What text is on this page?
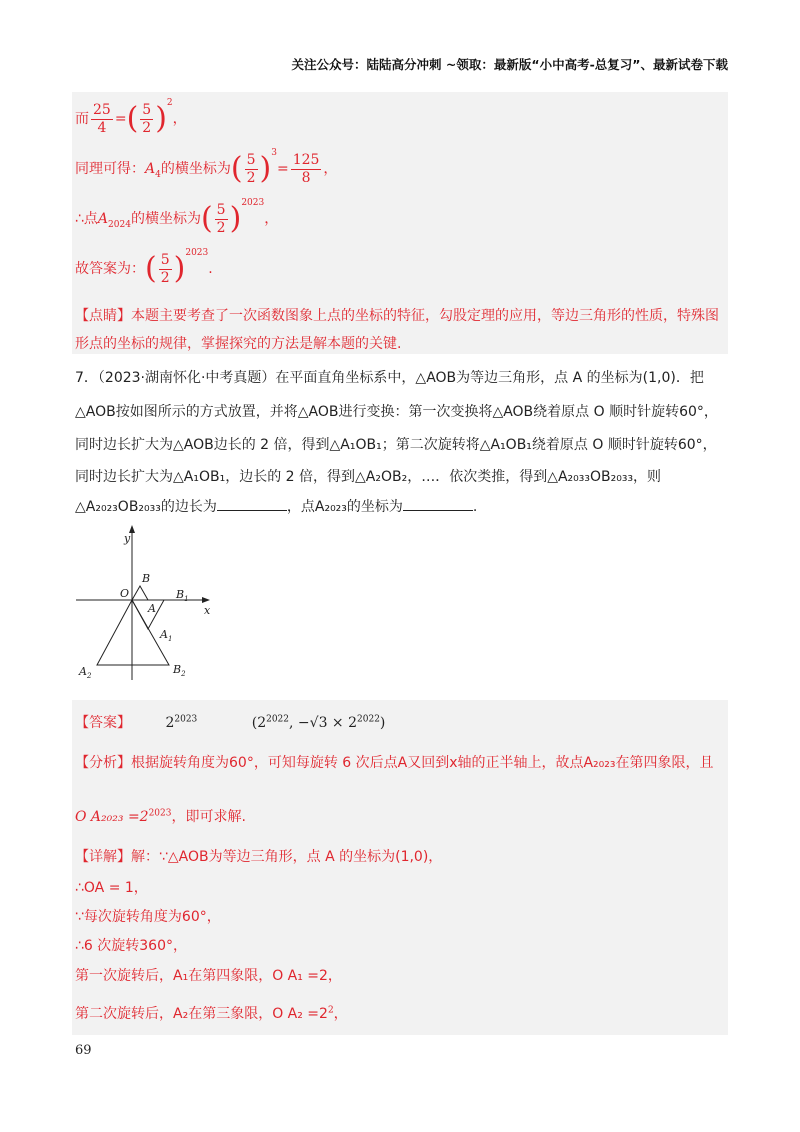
关注公众号：陆陆高分冲刺 ~领取：最新版“小中高考-总复习”、最新试卷下载
而 $\frac{25}{4}$ =( $\frac{5}{2} )^2$，
同理可得：$A_4$的横坐标为( $\frac{5}{2} )^3= \frac{125}{8}$ ，
∴点$A_{2024}$的横坐标为( $\frac{5}{2} )^{2023}$，
故答案为：( $\frac{5}{2} )^{2023}$.
【点睛】本题主要考查了一次函数图象上点的坐标的特征，勾股定理的应用，等边三角形的性质，特殊图
形点的坐标的规律，掌握探究的方法是解本题的关键.
7．（2023·湖南怀化·中考真题）在平面直角坐标系中，△AOB为等边三角形，点 A 的坐标为(1,0)．把
△AOB按如图所示的方式放置，并将△AOB进行变换：第一次变换将△AOB绕着原点 O 顺时针旋转60°，
同时边长扩大为△AOB边长的 2 倍，得到△A₁OB₁；第二次旋转将△A₁OB₁绕着原点 O 顺时针旋转60°，
同时边长扩大为△A₁OB₁，边长的 2 倍，得到△A₂OB₂，…．依次类推，得到△A₂₀₃₃OB₂₀₃₃，则
△A₂₀₂₃OB₂₀₃₃的边长为	，点A₂₀₂₃的坐标为	.
y
x
O
B
A
$B_1$
$A_1$
$A_2$	$B_2$
【答案】 $2^{2023}$	($2^{2022}$, $-√3 \times 2^{2022}$)
【分析】根据旋转角度为60°，可知每旋转 6 次后点A又回到x轴的正半轴上，故点A₂₀₂₃在第四象限，且
O $A_{2023} =2^{2023}$，即可求解.
【详解】解：∵△AOB为等边三角形，点 A 的坐标为(1,0)，
∴OA = 1，
∵每次旋转角度为60°，
∴6 次旋转360°，
第一次旋转后，A₁在第四象限，O A₁ =2，
第二次旋转后，A₂在第三象限，O $A_2 =2^2$，
69
